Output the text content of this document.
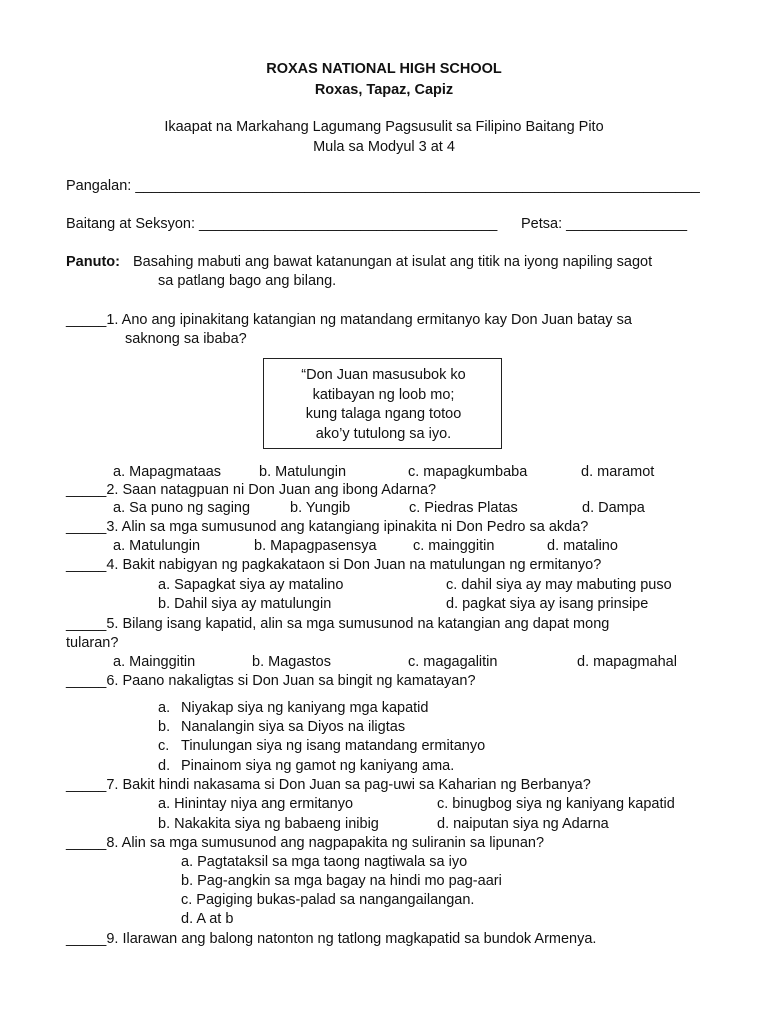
ROXAS NATIONAL HIGH SCHOOL
Roxas, Tapaz, Capiz
Ikaapat na Markahang Lagumang Pagsusulit sa Filipino Baitang Pito
Mula sa Modyul 3 at 4
Pangalan: ______________________________________________________________________
Baitang at Seksyon: _____________________________________ Petsa: _______________
Panuto: Basahing mabuti ang bawat katanungan at isulat ang titik na iyong napiling sagot
sa patlang bago ang bilang.
_____1. Ano ang ipinakitang katangian ng matandang ermitanyo kay Don Juan batay sa
saknong sa ibaba?
“Don Juan masusubok ko
katibayan ng loob mo;
kung talaga ngang totoo
ako’y tutulong sa iyo.
a. Mapagmataas	b. Matulungin	c. mapagkumbaba	d. maramot
_____2. Saan natagpuan ni Don Juan ang ibong Adarna?
a. Sa puno ng saging	b. Yungib	c. Piedras Platas	d. Dampa
_____3. Alin sa mga sumusunod ang katangiang ipinakita ni Don Pedro sa akda?
a. Matulungin	b. Mapagpasensya	c. mainggitin	d. matalino
_____4. Bakit nabigyan ng pagkakataon si Don Juan na matulungan ng ermitanyo?
a. Sapagkat siya ay matalino	c. dahil siya ay may mabuting puso
b. Dahil siya ay matulungin	d. pagkat siya ay isang prinsipe
_____5. Bilang isang kapatid, alin sa mga sumusunod na katangian ang dapat mong
tularan?
a. Mainggitin	b. Magastos	c. magagalitin	d. mapagmahal
_____6. Paano nakaligtas si Don Juan sa bingit ng kamatayan?
a. Niyakap siya ng kaniyang mga kapatid
b. Nanalangin siya sa Diyos na iligtas
c. Tinulungan siya ng isang matandang ermitanyo
d. Pinainom siya ng gamot ng kaniyang ama.
_____7. Bakit hindi nakasama si Don Juan sa pag-uwi sa Kaharian ng Berbanya?
a. Hinintay niya ang ermitanyo	c. binugbog siya ng kaniyang kapatid
b. Nakakita siya ng babaeng inibig	d. naiputan siya ng Adarna
_____8. Alin sa mga sumusunod ang nagpapakita ng suliranin sa lipunan?
a. Pagtataksil sa mga taong nagtiwala sa iyo
b. Pag-angkin sa mga bagay na hindi mo pag-aari
c. Pagiging bukas-palad sa nangangailangan.
d. A at b
_____9. Ilarawan ang balong natonton ng tatlong magkapatid sa bundok Armenya.
